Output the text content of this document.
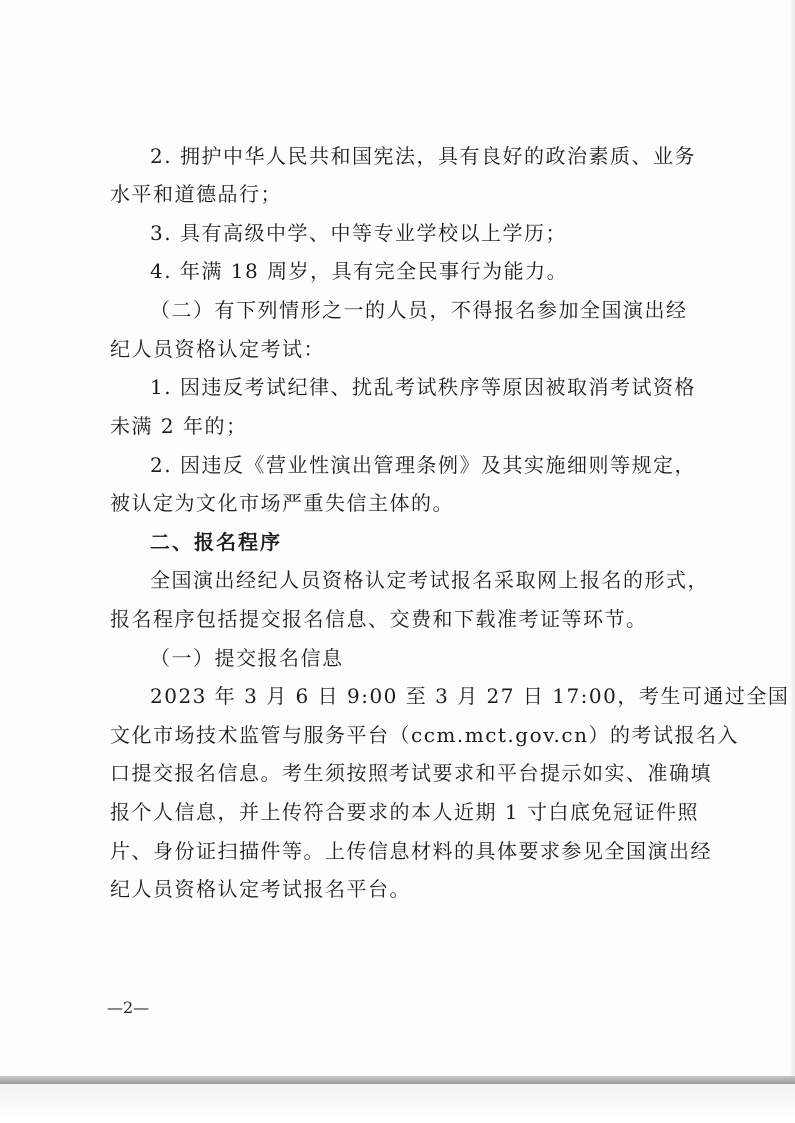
2. 拥护中华人民共和国宪法，具有良好的政治素质、业务
水平和道德品行；
3. 具有高级中学、中等专业学校以上学历；
4. 年满 18 周岁，具有完全民事行为能力。
（二）有下列情形之一的人员，不得报名参加全国演出经
纪人员资格认定考试：
1. 因违反考试纪律、扰乱考试秩序等原因被取消考试资格
未满 2 年的；
2. 因违反《营业性演出管理条例》及其实施细则等规定，
被认定为文化市场严重失信主体的。
二、报名程序
全国演出经纪人员资格认定考试报名采取网上报名的形式，
报名程序包括提交报名信息、交费和下载准考证等环节。
（一）提交报名信息
2023 年 3 月 6 日 9:00 至 3 月 27 日 17:00，考生可通过全国
文化市场技术监管与服务平台（ccm.mct.gov.cn）的考试报名入
口提交报名信息。考生须按照考试要求和平台提示如实、准确填
报个人信息，并上传符合要求的本人近期 1 寸白底免冠证件照
片、身份证扫描件等。上传信息材料的具体要求参见全国演出经
纪人员资格认定考试报名平台。
—2—
